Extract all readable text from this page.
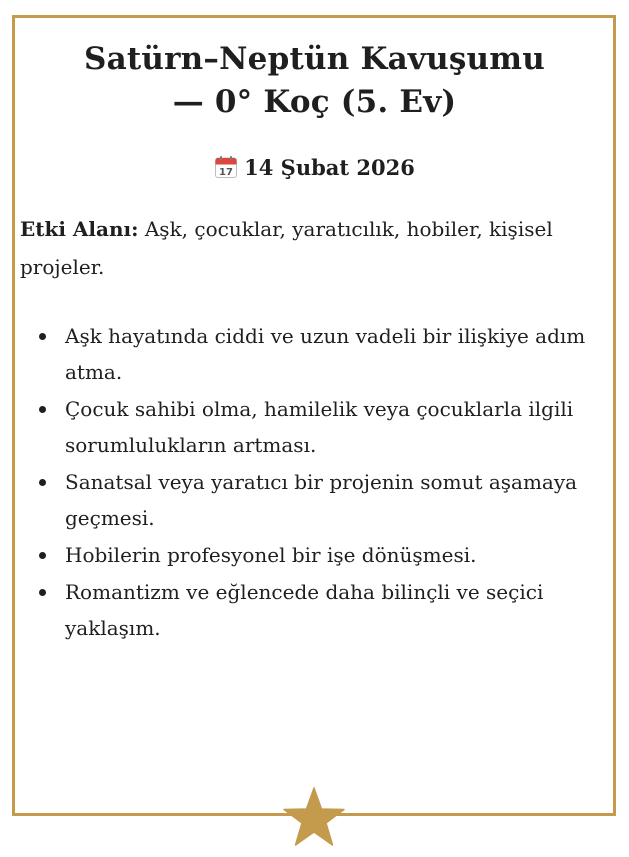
Satürn–Neptün Kavuşumu
— 0° Koç (5. Ev)
17 14 Şubat 2026
Etki Alanı: Aşk, çocuklar, yaratıcılık, hobiler, kişisel projeler.
Aşk hayatında ciddi ve uzun vadeli bir ilişkiye adım atma.
Çocuk sahibi olma, hamilelik veya çocuklarla ilgili sorumlulukların artması.
Sanatsal veya yaratıcı bir projenin somut aşamaya geçmesi.
Hobilerin profesyonel bir işe dönüşmesi.
Romantizm ve eğlencede daha bilinçli ve seçici yaklaşım.
